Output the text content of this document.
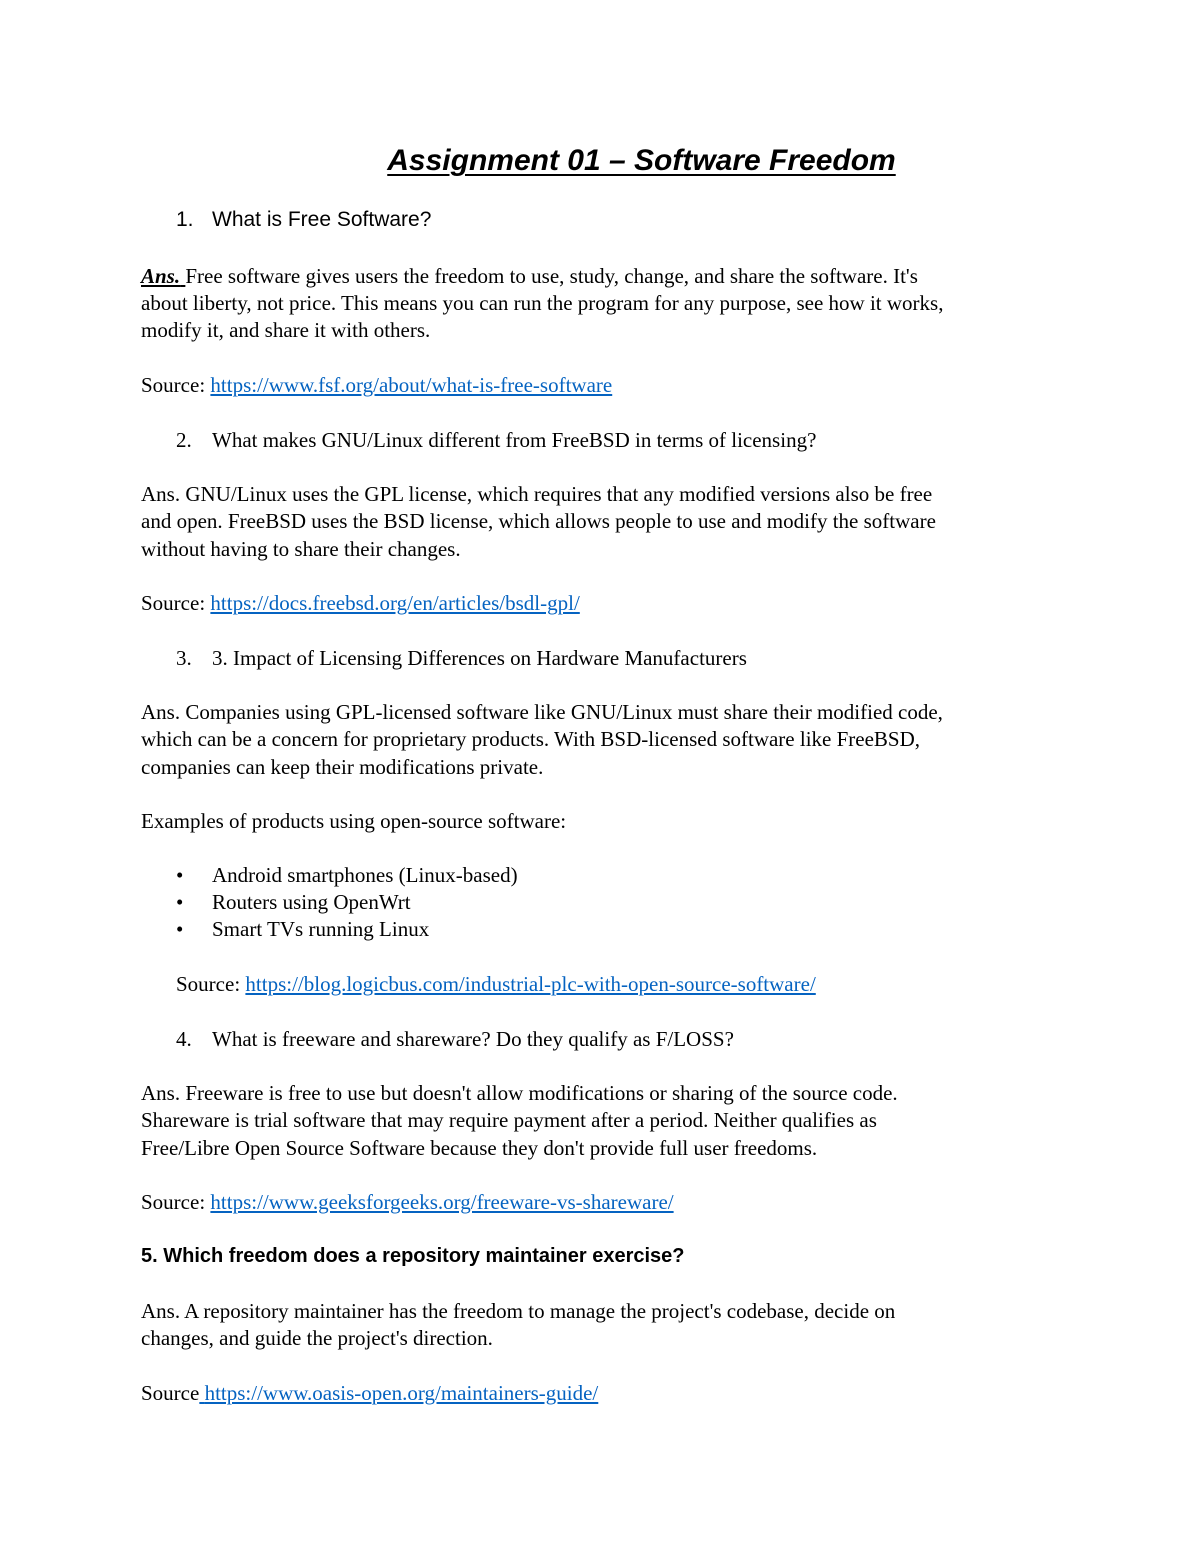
Assignment 01 – Software Freedom

1. What is Free Software?

Ans. Free software gives users the freedom to use, study, change, and share the software. It's

about liberty, not price. This means you can run the program for any purpose, see how it works,

modify it, and share it with others.

Source: https://www.fsf.org/about/what-is-free-software

2. What makes GNU/Linux different from FreeBSD in terms of licensing?

Ans. GNU/Linux uses the GPL license, which requires that any modified versions also be free

and open. FreeBSD uses the BSD license, which allows people to use and modify the software

without having to share their changes.

Source: https://docs.freebsd.org/en/articles/bsdl-gpl/

3. 3. Impact of Licensing Differences on Hardware Manufacturers

Ans. Companies using GPL-licensed software like GNU/Linux must share their modified code,

which can be a concern for proprietary products. With BSD-licensed software like FreeBSD,

companies can keep their modifications private.

Examples of products using open-source software:

• Android smartphones (Linux-based)

• Routers using OpenWrt

• Smart TVs running Linux

Source: https://blog.logicbus.com/industrial-plc-with-open-source-software/

4. What is freeware and shareware? Do they qualify as F/LOSS?

Ans. Freeware is free to use but doesn't allow modifications or sharing of the source code.

Shareware is trial software that may require payment after a period. Neither qualifies as

Free/Libre Open Source Software because they don't provide full user freedoms.

Source: https://www.geeksforgeeks.org/freeware-vs-shareware/

5. Which freedom does a repository maintainer exercise?

Ans. A repository maintainer has the freedom to manage the project's codebase, decide on

changes, and guide the project's direction.

Source https://www.oasis-open.org/maintainers-guide/
